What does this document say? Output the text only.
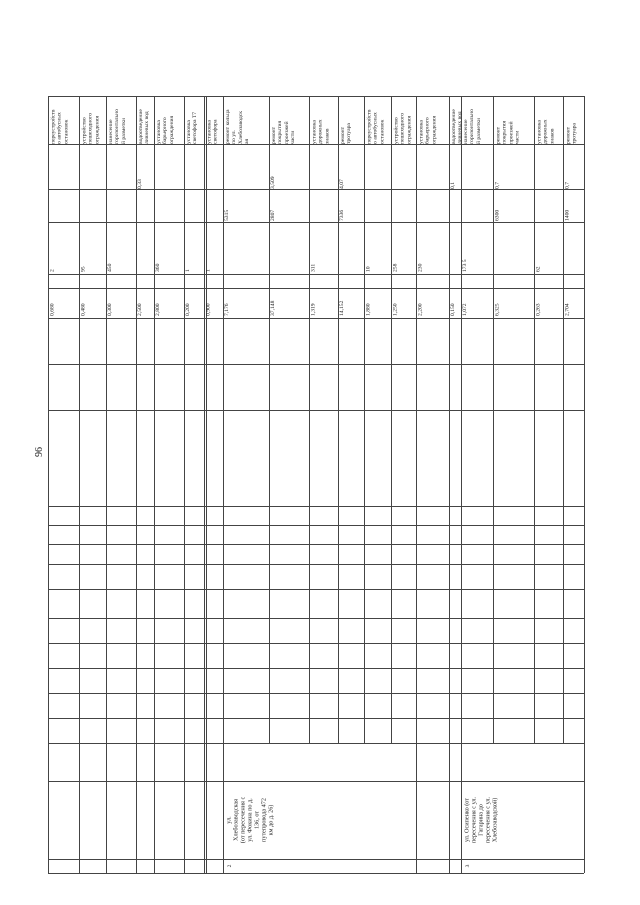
96
переустройств
о автобусных
остановок
2
0,680
устройство
пешеходного
ограждения
95
0,480
нанесение
горизонтально
й разметки
450
0,300
водоотведение
ливневых вод
0,33
2,500
установка
барьерного
ограждения
360
2,800
установка
светофора Т7
1
0,200
установка
светофора
1
0,900
ремонт кольца
по ул.
Хлебозаводск
ая
5315
7,176
ремонт
покрытия
проезжей
части
3,509
2807
37,148
установка
дорожных
знаков
311
1,319
ремонт
тротуара
4,07
7336
14,152
переустройств
о автобусных
остановок
10
1,880
устройство
пешеходного
ограждения
258
1,250
установка
барьерного
ограждения
230
2,200
водоотведение
ливневых вод
0,1
0,150
нанесение
горизонтально
й разметки
173 5
1,072
ремонт
покрытия
проезжей
части
0,7
6300
6,325
установка
дорожных
знаков
62
0,263
ремонт
тротуара
0,7
1400
2,704
ул.
Хлебозаводская
(от пересечения с
ул. Фокина по д.
136, от
путепровода 472
км до д. 26)
2
ул. Осипенко (от
пересечения с ул.
Гагарина до
пересечения с ул.
Хлебозаводской)
3
